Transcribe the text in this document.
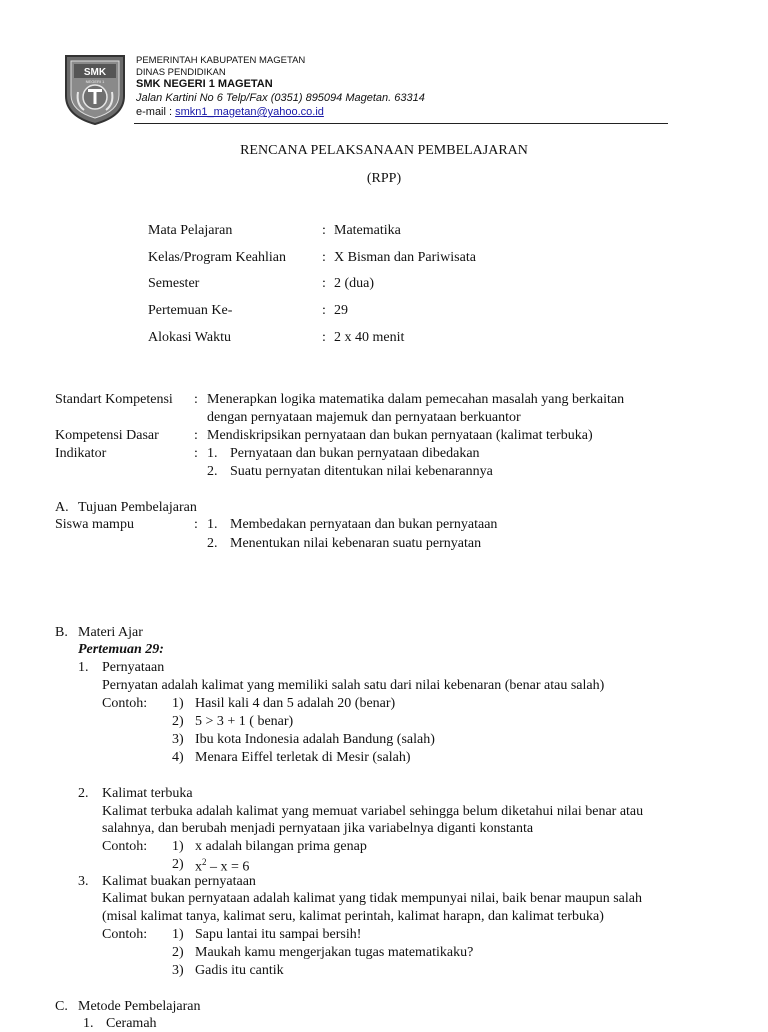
SMK
NEGERI 1
PEMERINTAH KABUPATEN MAGETAN
DINAS PENDIDIKAN
SMK NEGERI 1 MAGETAN
Jalan Kartini No 6 Telp/Fax (0351) 895094 Magetan. 63314
e-mail : smkn1_magetan@yahoo.co.id
RENCANA PELAKSANAAN PEMBELAJARAN
(RPP)
Mata Pelajaran	: Matematika
Kelas/Program Keahlian	: X Bisman dan Pariwisata
Semester	: 2 (dua)
Pertemuan Ke-	: 29
Alokasi Waktu	: 2 x 40 menit
Standart Kompetensi : Menerapkan logika matematika dalam pemecahan masalah yang berkaitan
dengan pernyataan majemuk dan pernyataan berkuantor
Kompetensi Dasar	: Mendiskripsikan pernyataan dan bukan pernyataan (kalimat terbuka)
Indikator	: 1. Pernyataan dan bukan pernyataan dibedakan
2. Suatu pernyatan ditentukan nilai kebenarannya
A. Tujuan Pembelajaran
Siswa mampu	: 1. Membedakan pernyataan dan bukan pernyataan
2. Menentukan nilai kebenaran suatu pernyatan
B. Materi Ajar
Pertemuan 29:
1. Pernyataan
Pernyatan adalah kalimat yang memiliki salah satu dari nilai kebenaran (benar atau salah)
Contoh: 1) Hasil kali 4 dan 5 adalah 20 (benar)
2) 5 > 3 + 1 ( benar)
3) Ibu kota Indonesia adalah Bandung (salah)
4) Menara Eiffel terletak di Mesir (salah)
2. Kalimat terbuka
Kalimat terbuka adalah kalimat yang memuat variabel sehingga belum diketahui nilai benar atau
salahnya, dan berubah menjadi pernyataan jika variabelnya diganti konstanta
Contoh: 1) x adalah bilangan prima genap
2) $x^2 - x = 6$
3. Kalimat buakan pernyataan
Kalimat bukan pernyataan adalah kalimat yang tidak mempunyai nilai, baik benar maupun salah
(misal kalimat tanya, kalimat seru, kalimat perintah, kalimat harapn, dan kalimat terbuka)
Contoh: 1) Sapu lantai itu sampai bersih!
2) Maukah kamu mengerjakan tugas matematikaku?
3) Gadis itu cantik
C. Metode Pembelajaran
1. Ceramah
